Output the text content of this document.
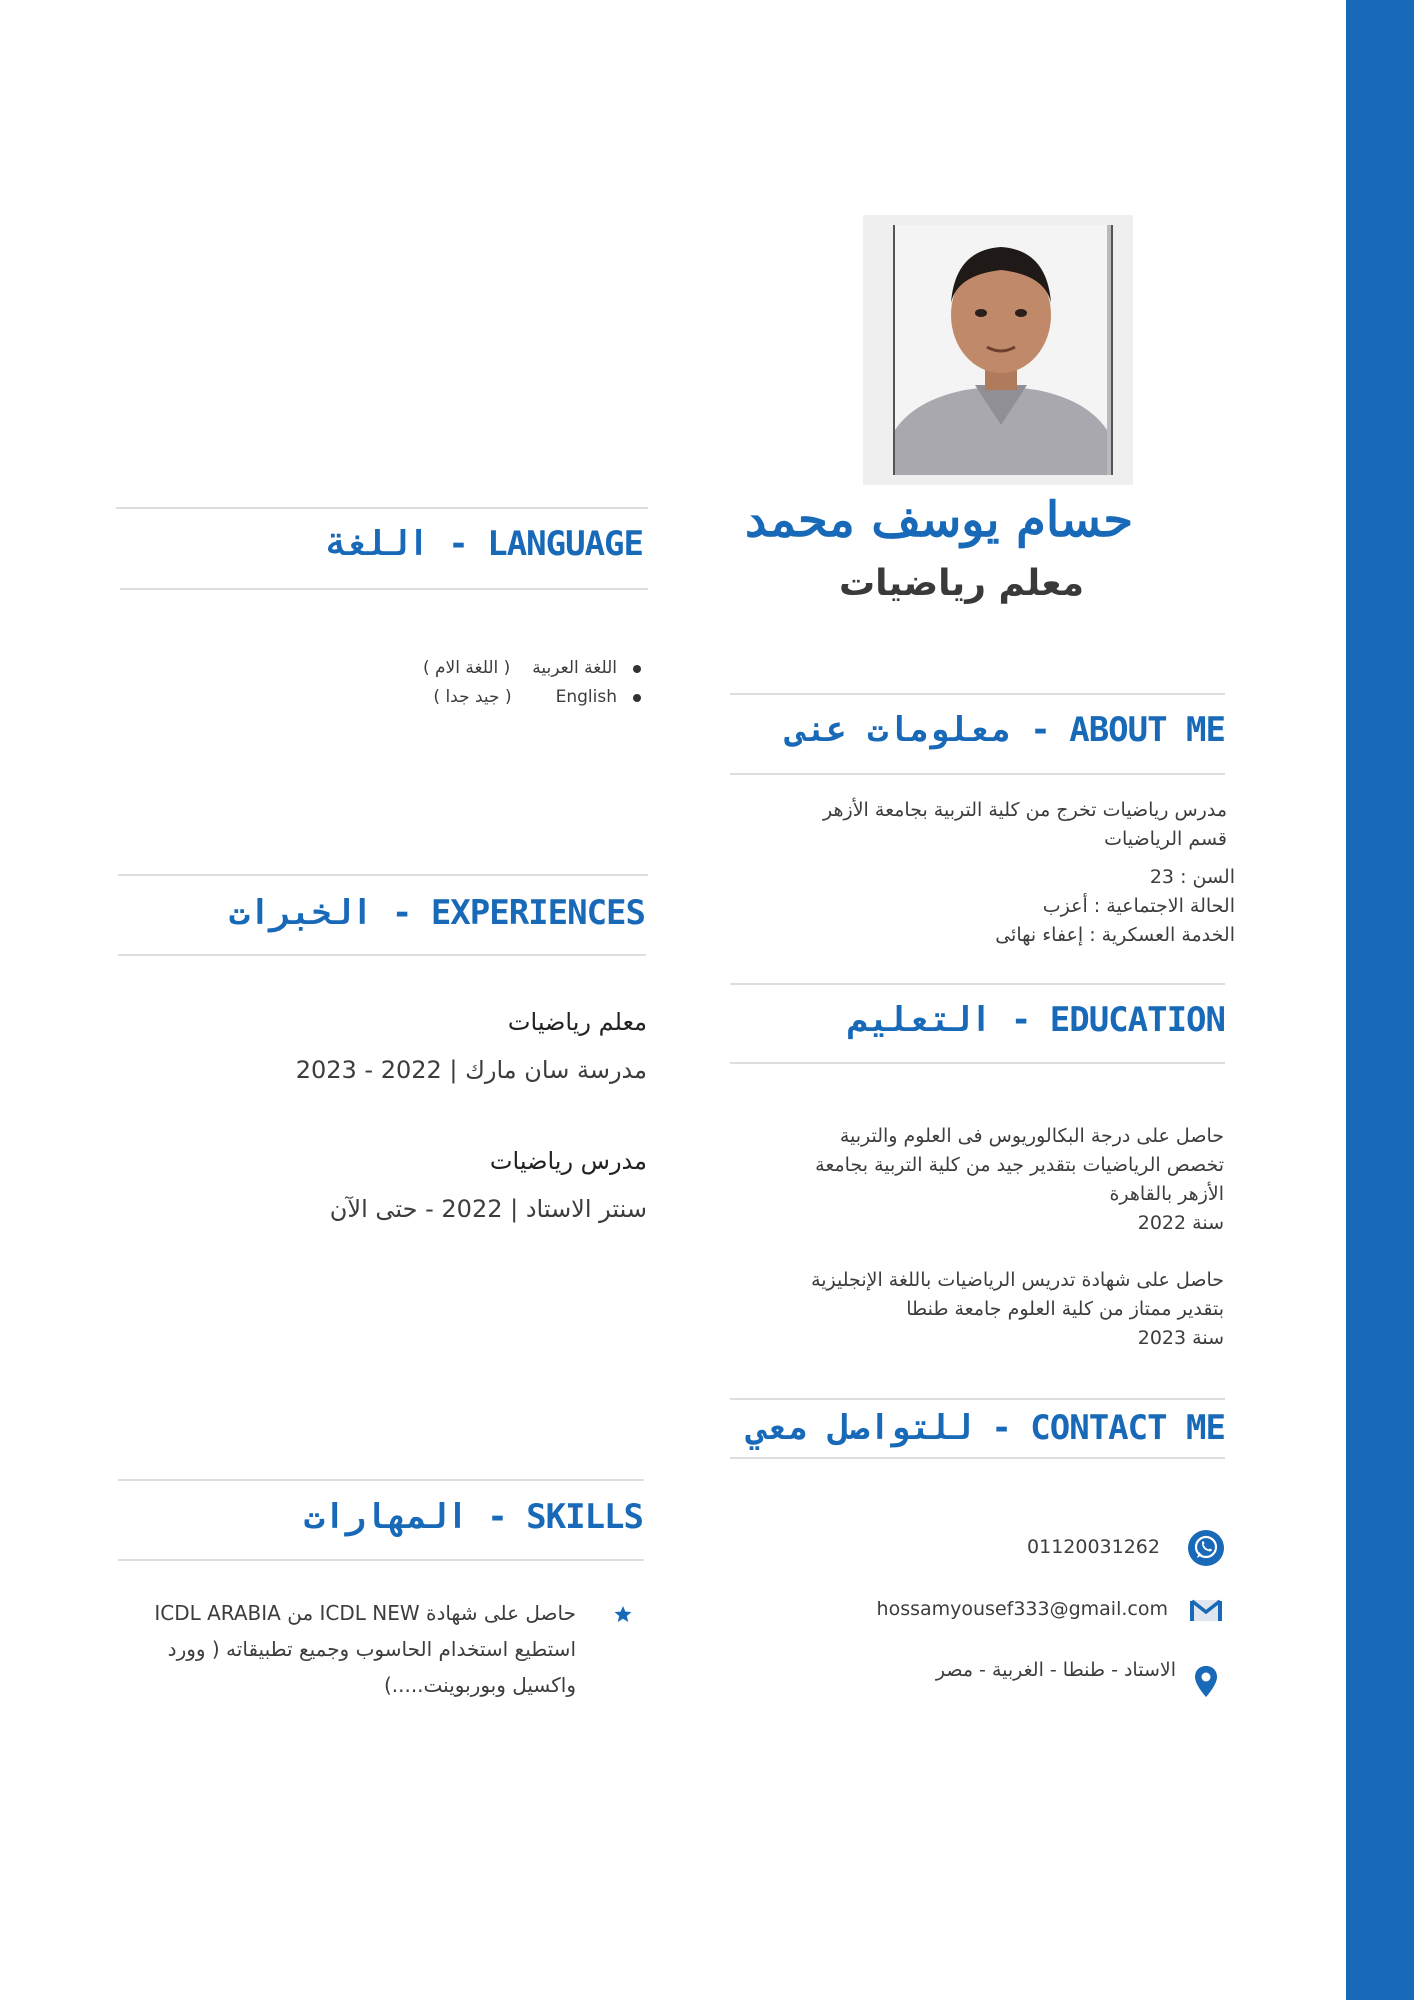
حسام يوسف محمد
معلم رياضيات
LANGUAGE - اللغة
اللغة العربية( اللغة الام )
English( جيد جدا )
ABOUT ME - معلومات عنى
مدرس رياضيات تخرج من كلية التربية بجامعة الأزهر
قسم الرياضيات
السن : 23
الحالة الاجتماعية : أعزب
الخدمة العسكرية : إعفاء نهائى
EXPERIENCES - الخبرات
معلم رياضيات
مدرسة سان مارك | 2022 - 2023
مدرس رياضيات
سنتر الاستاد | 2022 - حتى الآن
EDUCATION - التعليم
حاصل على درجة البكالوريوس فى العلوم والتربية
تخصص الرياضيات بتقدير جيد من كلية التربية بجامعة
الأزهر بالقاهرة
سنة 2022
حاصل على شهادة تدريس الرياضيات باللغة الإنجليزية
بتقدير ممتاز من كلية العلوم جامعة طنطا
سنة 2023
CONTACT ME - للتواصل معي
01120031262
hossamyousef333@gmail.com
الاستاد - طنطا - الغربية - مصر
SKILLS - المهارات
حاصل على شهادة ICDL NEW من ICDL ARABIA
استطيع استخدام الحاسوب وجميع تطبيقاته ( وورد
واكسيل وبوربوينت.....)
